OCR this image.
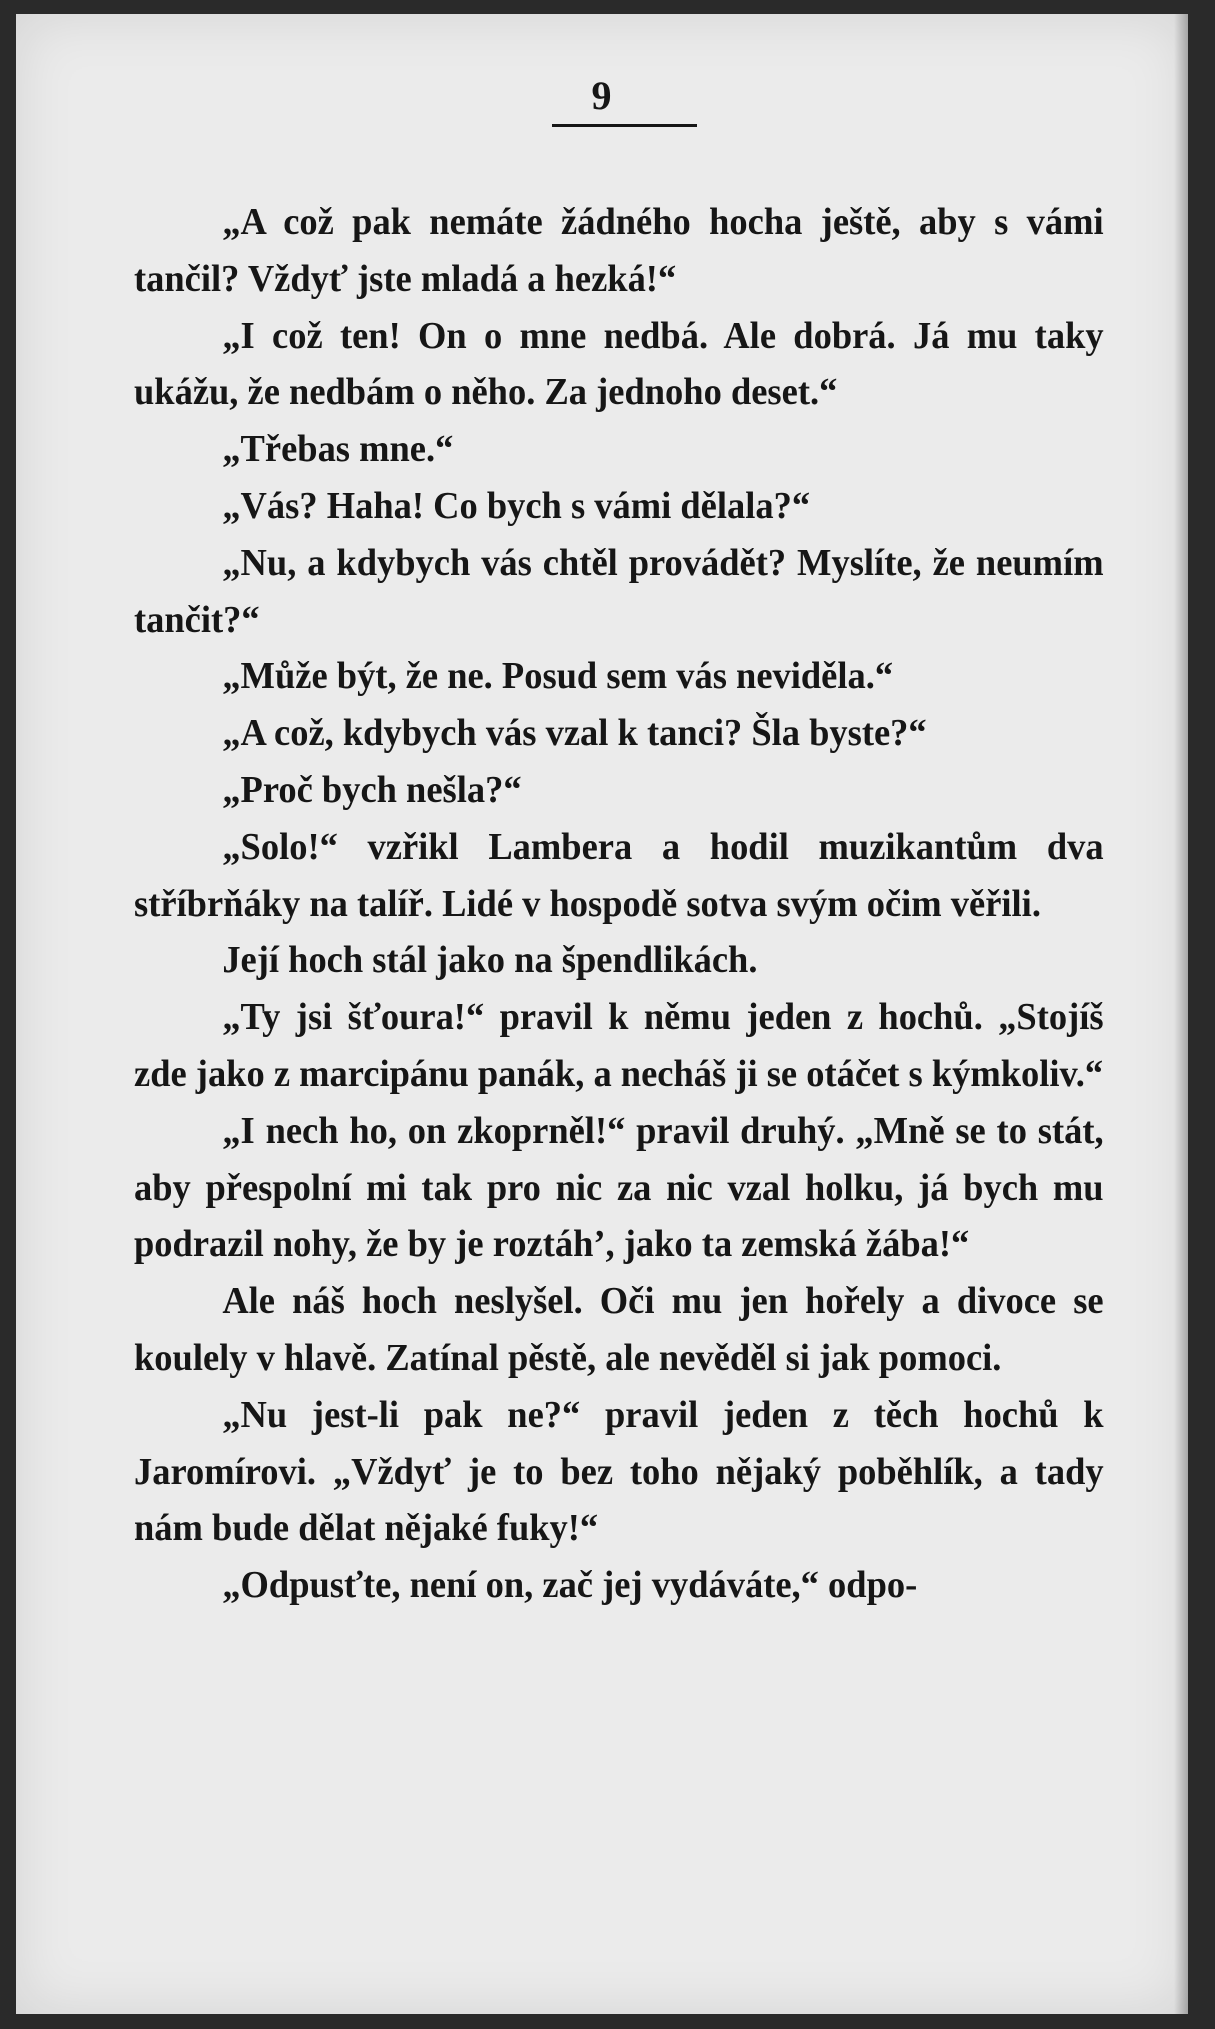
9

„A což pak nemáte žádného hocha ještě, aby s vámi tančil? Vždyť jste mladá a hezká!“

„I což ten! On o mne nedbá. Ale dobrá. Já mu taky ukážu, že nedbám o něho. Za jednoho deset.“

„Třebas mne.“

„Vás? Haha! Co bych s vámi dělala?“

„Nu, a kdybych vás chtěl provádět? Myslíte, že neumím tančit?“

„Může být, že ne. Posud sem vás neviděla.“

„A což, kdybych vás vzal k tanci? Šla byste?“

„Proč bych nešla?“

„Solo!“ vzřikl Lambera a hodil muzikantům dva stříbrňáky na talíř. Lidé v hospodě sotva svým očim věřili.

Její hoch stál jako na špendlikách.

„Ty jsi šťoura!“ pravil k němu jeden z hochů. „Stojíš zde jako z marcipánu panák, a necháš ji se otáčet s kýmkoliv.“

„I nech ho, on zkoprněl!“ pravil druhý. „Mně se to stát, aby přespolní mi tak pro nic za nic vzal holku, já bych mu podrazil nohy, že by je roztáh’, jako ta zemská žába!“

Ale náš hoch neslyšel. Oči mu jen hořely a divoce se koulely v hlavě. Zatínal pěstě, ale nevěděl si jak pomoci.

„Nu jest-li pak ne?“ pravil jeden z těch hochů k Jaromírovi. „Vždyť je to bez toho nějaký poběhlík, a tady nám bude dělat nějaké fuky!“

„Odpusťte, není on, zač jej vydáváte,“ odpo-
